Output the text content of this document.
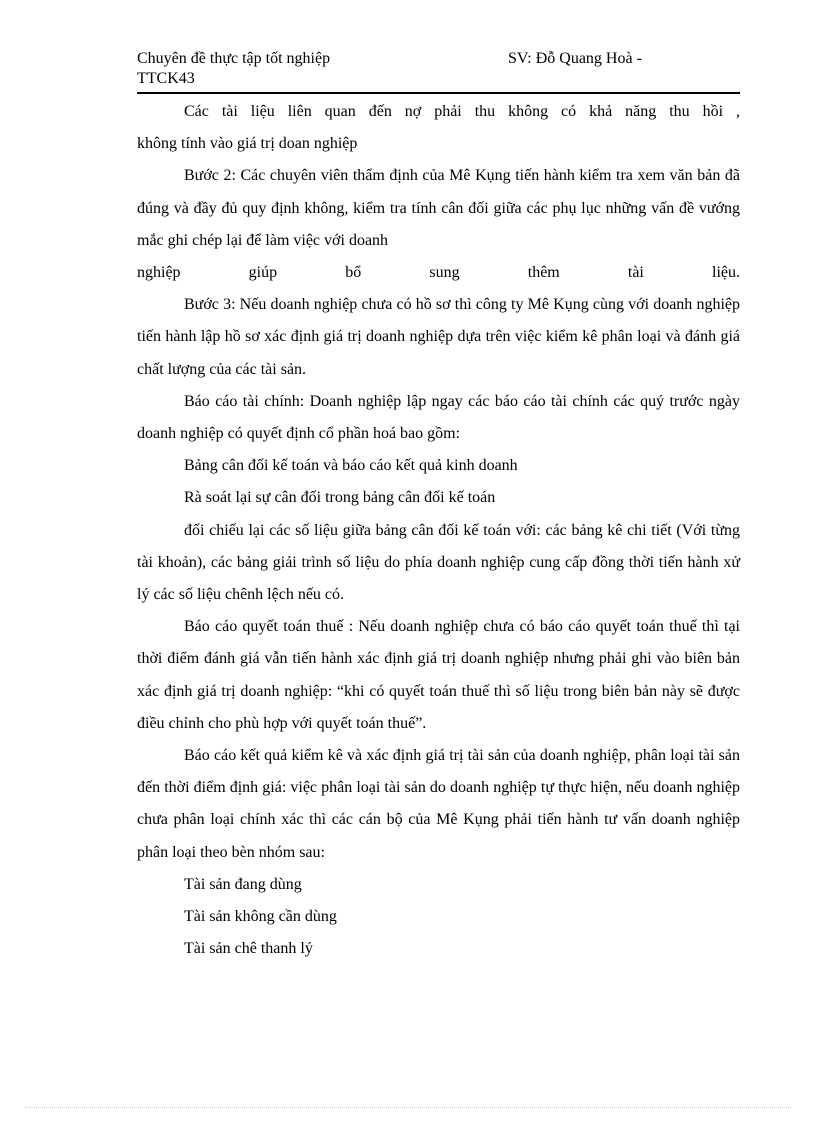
Chuyên đề thực tập tốt nghiệp	SV: Đỗ Quang Hoà -
TTCK43

Các tài liệu liên quan đến nợ phải thu không có khả năng thu hồi ,

không tính vào giá trị doan nghiệp

Bước 2: Các chuyên viên thẩm định của Mê Kụng tiến hành kiểm tra xem văn bản đã đúng và đầy đủ quy định không, kiểm tra tính cân đối giữa các phụ lục những vấn đề vướng mắc ghi chép lại để làm việc với doanh

nghiệp giúp bổ sung thêm tài liệu.

Bước 3: Nếu doanh nghiệp chưa có hồ sơ thì công ty Mê Kụng cùng với doanh nghiệp tiến hành lập hồ sơ xác định giá trị doanh nghiệp dựa trên việc kiểm kê phân loại và đánh giá chất lượng của các tài sản.

Báo cáo tài chính: Doanh nghiệp lập ngay các báo cáo tài chính các quý trước ngày doanh nghiệp có quyết định cổ phần hoá bao gồm:

Bảng cân đối kế toán và báo cáo kết quả kinh doanh

Rà soát lại sự cân đối trong bảng cân đối kế toán

đối chiếu lại các số liệu giữa bảng cân đối kế toán với: các bảng kê chi tiết (Với từng tài khoản), các bảng giải trình số liệu do phía doanh nghiệp cung cấp đồng thời tiến hành xử lý các số liệu chênh lệch nếu có.

Báo cáo quyết toán thuế : Nếu doanh nghiệp chưa có báo cáo quyết toán thuế thì tại thời điểm đánh giá vẫn tiến hành xác định giá trị doanh nghiệp nhưng phải ghi vào biên bản xác định giá trị doanh nghiệp: “khi có quyết toán thuế thì số liệu trong biên bản này sẽ được điều chỉnh cho phù hợp với quyết toán thuế”.

Báo cáo kết quả kiểm kê và xác định giá trị tài sản của doanh nghiệp, phân loại tài sản đến thời điểm định giá: việc phân loại tài sản do doanh nghiệp tự thực hiện, nếu doanh nghiệp chưa phân loại chính xác thì các cán bộ của Mê Kụng phải tiến hành tư vấn doanh nghiệp phân loại theo bèn nhóm sau:

Tài sản đang dùng

Tài sản không cần dùng

Tài sản chê thanh lý
